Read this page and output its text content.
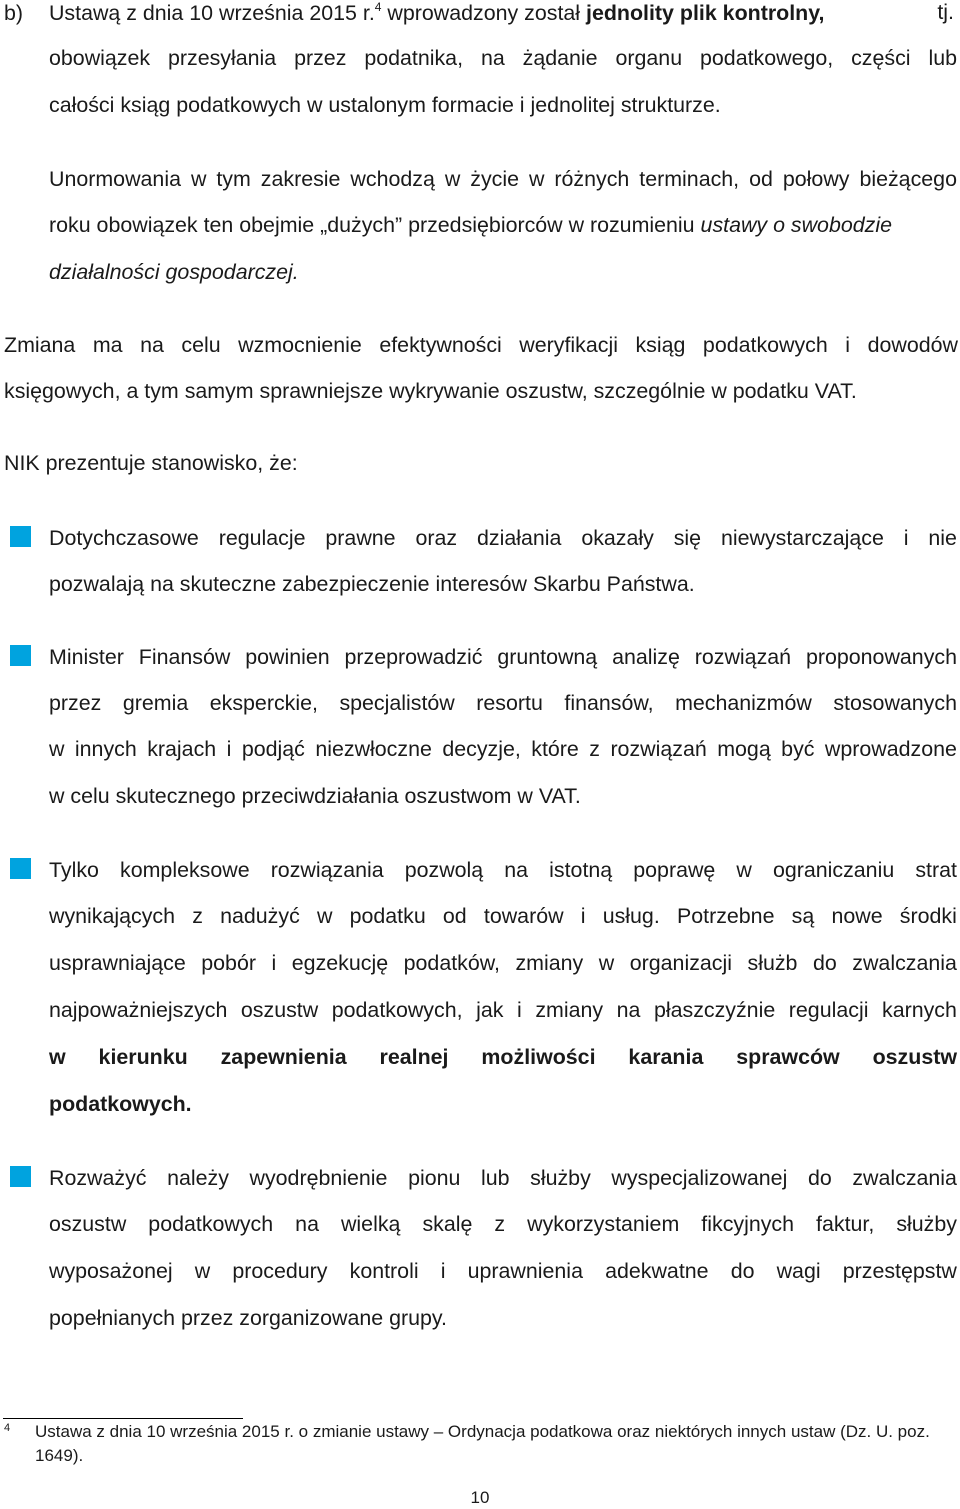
b) Ustawą z dnia 10 września 2015 r.$^4$ wprowadzony został jednolity plik kontrolny,	tj.
obowiązek przesyłania przez podatnika, na żądanie organu podatkowego, części lub
całości ksiąg podatkowych w ustalonym formacie i jednolitej strukturze.
Unormowania w tym zakresie wchodzą w życie w różnych terminach, od połowy bieżącego
roku obowiązek ten obejmie „dużych” przedsiębiorców w rozumieniu ustawy o swobodzie
działalności gospodarczej.
Zmiana ma na celu wzmocnienie efektywności weryfikacji ksiąg podatkowych i dowodów
księgowych, a tym samym sprawniejsze wykrywanie oszustw, szczególnie w podatku VAT.
NIK prezentuje stanowisko, że:
Dotychczasowe regulacje prawne oraz działania okazały się niewystarczające i nie
pozwalają na skuteczne zabezpieczenie interesów Skarbu Państwa.
Minister Finansów powinien przeprowadzić gruntowną analizę rozwiązań proponowanych
przez gremia eksperckie, specjalistów resortu finansów, mechanizmów stosowanych
w innych krajach i podjąć niezwłoczne decyzje, które z rozwiązań mogą być wprowadzone
w celu skutecznego przeciwdziałania oszustwom w VAT.
Tylko kompleksowe rozwiązania pozwolą na istotną poprawę w ograniczaniu strat
wynikających z nadużyć w podatku od towarów i usług. Potrzebne są nowe środki
usprawniające pobór i egzekucję podatków, zmiany w organizacji służb do zwalczania
najpoważniejszych oszustw podatkowych, jak i zmiany na płaszczyźnie regulacji karnych
w kierunku zapewnienia realnej możliwości karania sprawców oszustw
podatkowych.
Rozważyć należy wyodrębnienie pionu lub służby wyspecjalizowanej do zwalczania
oszustw podatkowych na wielką skalę z wykorzystaniem fikcyjnych faktur, służby
wyposażonej w procedury kontroli i uprawnienia adekwatne do wagi przestępstw
popełnianych przez zorganizowane grupy.
4 Ustawa z dnia 10 września 2015 r. o zmianie ustawy – Ordynacja podatkowa oraz niektórych innych ustaw (Dz. U. poz.
1649).
10
